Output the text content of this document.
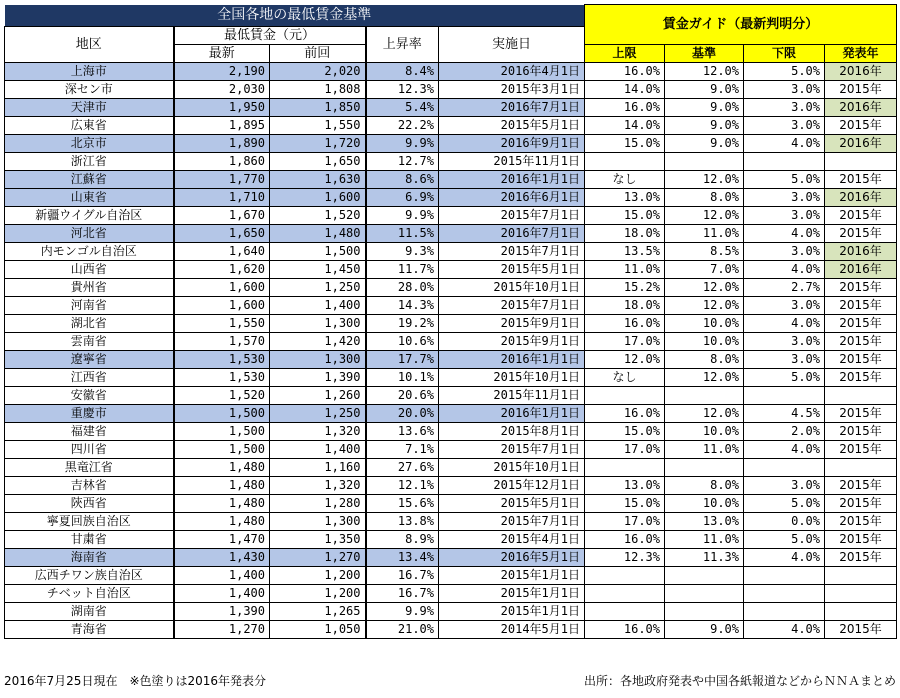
全国各地の最低賃金基準					賃金ガイド（最新判明分）			
地区	最低賃金（元）		上昇率	実施日				
	最新	前回			上限	基準	下限	発表年
上海市	2,190	2,020	8.4%	2016年4月1日	16.0%	12.0%	5.0%	2016年
深セン市	2,030	1,808	12.3%	2015年3月1日	14.0%	9.0%	3.0%	2015年
天津市	1,950	1,850	5.4%	2016年7月1日	16.0%	9.0%	3.0%	2016年
広東省	1,895	1,550	22.2%	2015年5月1日	14.0%	9.0%	3.0%	2015年
北京市	1,890	1,720	9.9%	2016年9月1日	15.0%	9.0%	4.0%	2016年
浙江省	1,860	1,650	12.7%	2015年11月1日				
江蘇省	1,770	1,630	8.6%	2016年1月1日	なし	12.0%	5.0%	2015年
山東省	1,710	1,600	6.9%	2016年6月1日	13.0%	8.0%	3.0%	2016年
新疆ウイグル自治区	1,670	1,520	9.9%	2015年7月1日	15.0%	12.0%	3.0%	2015年
河北省	1,650	1,480	11.5%	2016年7月1日	18.0%	11.0%	4.0%	2015年
内モンゴル自治区	1,640	1,500	9.3%	2015年7月1日	13.5%	8.5%	3.0%	2016年
山西省	1,620	1,450	11.7%	2015年5月1日	11.0%	7.0%	4.0%	2016年
貴州省	1,600	1,250	28.0%	2015年10月1日	15.2%	12.0%	2.7%	2015年
河南省	1,600	1,400	14.3%	2015年7月1日	18.0%	12.0%	3.0%	2015年
湖北省	1,550	1,300	19.2%	2015年9月1日	16.0%	10.0%	4.0%	2015年
雲南省	1,570	1,420	10.6%	2015年9月1日	17.0%	10.0%	3.0%	2015年
遼寧省	1,530	1,300	17.7%	2016年1月1日	12.0%	8.0%	3.0%	2015年
江西省	1,530	1,390	10.1%	2015年10月1日	なし	12.0%	5.0%	2015年
安徽省	1,520	1,260	20.6%	2015年11月1日				
重慶市	1,500	1,250	20.0%	2016年1月1日	16.0%	12.0%	4.5%	2015年
福建省	1,500	1,320	13.6%	2015年8月1日	15.0%	10.0%	2.0%	2015年
四川省	1,500	1,400	7.1%	2015年7月1日	17.0%	11.0%	4.0%	2015年
黒竜江省	1,480	1,160	27.6%	2015年10月1日				
吉林省	1,480	1,320	12.1%	2015年12月1日	13.0%	8.0%	3.0%	2015年
陝西省	1,480	1,280	15.6%	2015年5月1日	15.0%	10.0%	5.0%	2015年
寧夏回族自治区	1,480	1,300	13.8%	2015年7月1日	17.0%	13.0%	0.0%	2015年
甘粛省	1,470	1,350	8.9%	2015年4月1日	16.0%	11.0%	5.0%	2015年
海南省	1,430	1,270	13.4%	2016年5月1日	12.3%	11.3%	4.0%	2015年
広西チワン族自治区	1,400	1,200	16.7%	2015年1月1日				
チベット自治区	1,400	1,200	16.7%	2015年1月1日				
湖南省	1,390	1,265	9.9%	2015年1月1日				
青海省	1,270	1,050	21.0%	2014年5月1日	16.0%	9.0%	4.0%	2015年
2016年7月25日現在　※色塗りは2016年発表分	出所：各地政府発表や中国各紙報道などからＮＮＡまとめ
